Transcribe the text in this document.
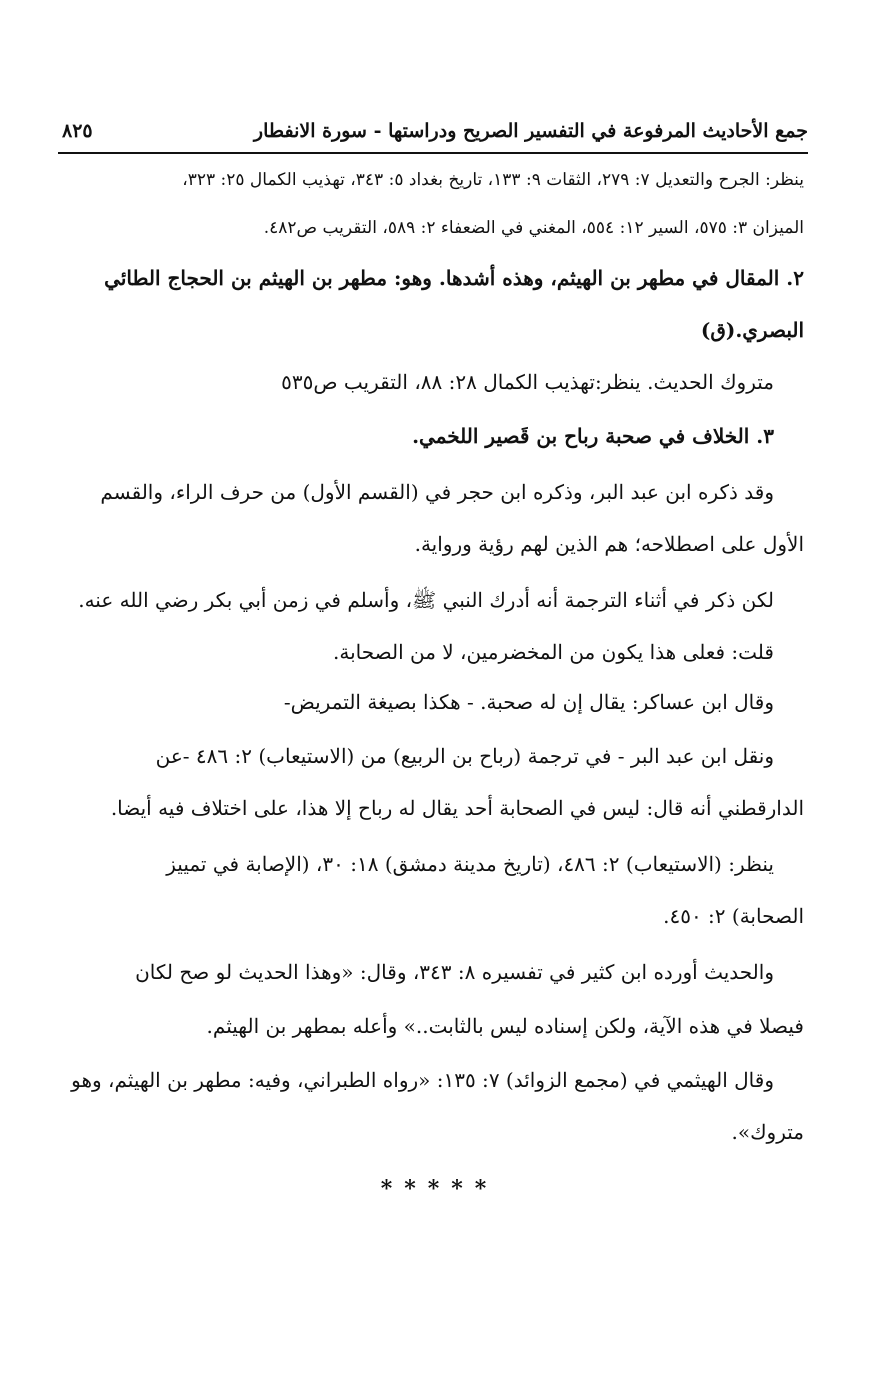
جمع الأحاديث المرفوعة في التفسير الصريح ودراستها - سورة الانفطار
٨٢٥
ينظر: الجرح والتعديل ٧: ٢٧٩، الثقات ٩: ١٣٣، تاريخ بغداد ٥: ٣٤٣، تهذيب الكمال ٢٥: ٣٢٣،
الميزان ٣: ٥٧٥، السير ١٢: ٥٥٤، المغني في الضعفاء ٢: ٥٨٩، التقريب ص٤٨٢.
٢. المقال في مطهر بن الهيثم، وهذه أشدها. وهو: مطهر بن الهيثم بن الحجاج الطائي
البصري.(ق)
متروك الحديث. ينظر:تهذيب الكمال ٢٨: ٨٨، التقريب ص٥٣٥
٣. الخلاف في صحبة رباح بن قَصير اللخمي.
وقد ذكره ابن عبد البر، وذكره ابن حجر في (القسم الأول) من حرف الراء، والقسم
الأول على اصطلاحه؛ هم الذين لهم رؤية ورواية.
لكن ذكر في أثناء الترجمة أنه أدرك النبي ﷺ، وأسلم في زمن أبي بكر رضي الله عنه.
قلت: فعلى هذا يكون من المخضرمين، لا من الصحابة.
وقال ابن عساكر: يقال إن له صحبة. - هكذا بصيغة التمريض-
ونقل ابن عبد البر - في ترجمة (رباح بن الربيع) من (الاستيعاب) ٢: ٤٨٦ -عن
الدارقطني أنه قال: ليس في الصحابة أحد يقال له رباح إلا هذا، على اختلاف فيه أيضا.
ينظر: (الاستيعاب) ٢: ٤٨٦، (تاريخ مدينة دمشق) ١٨: ٣٠، (الإصابة في تمييز
الصحابة) ٢: ٤٥٠.
والحديث أورده ابن كثير في تفسيره ٨: ٣٤٣، وقال: «وهذا الحديث لو صح لكان
فيصلا في هذه الآية، ولكن إسناده ليس بالثابت..» وأعله بمطهر بن الهيثم.
وقال الهيثمي في (مجمع الزوائد) ٧: ١٣٥: «رواه الطبراني، وفيه: مطهر بن الهيثم، وهو
متروك».
*****
